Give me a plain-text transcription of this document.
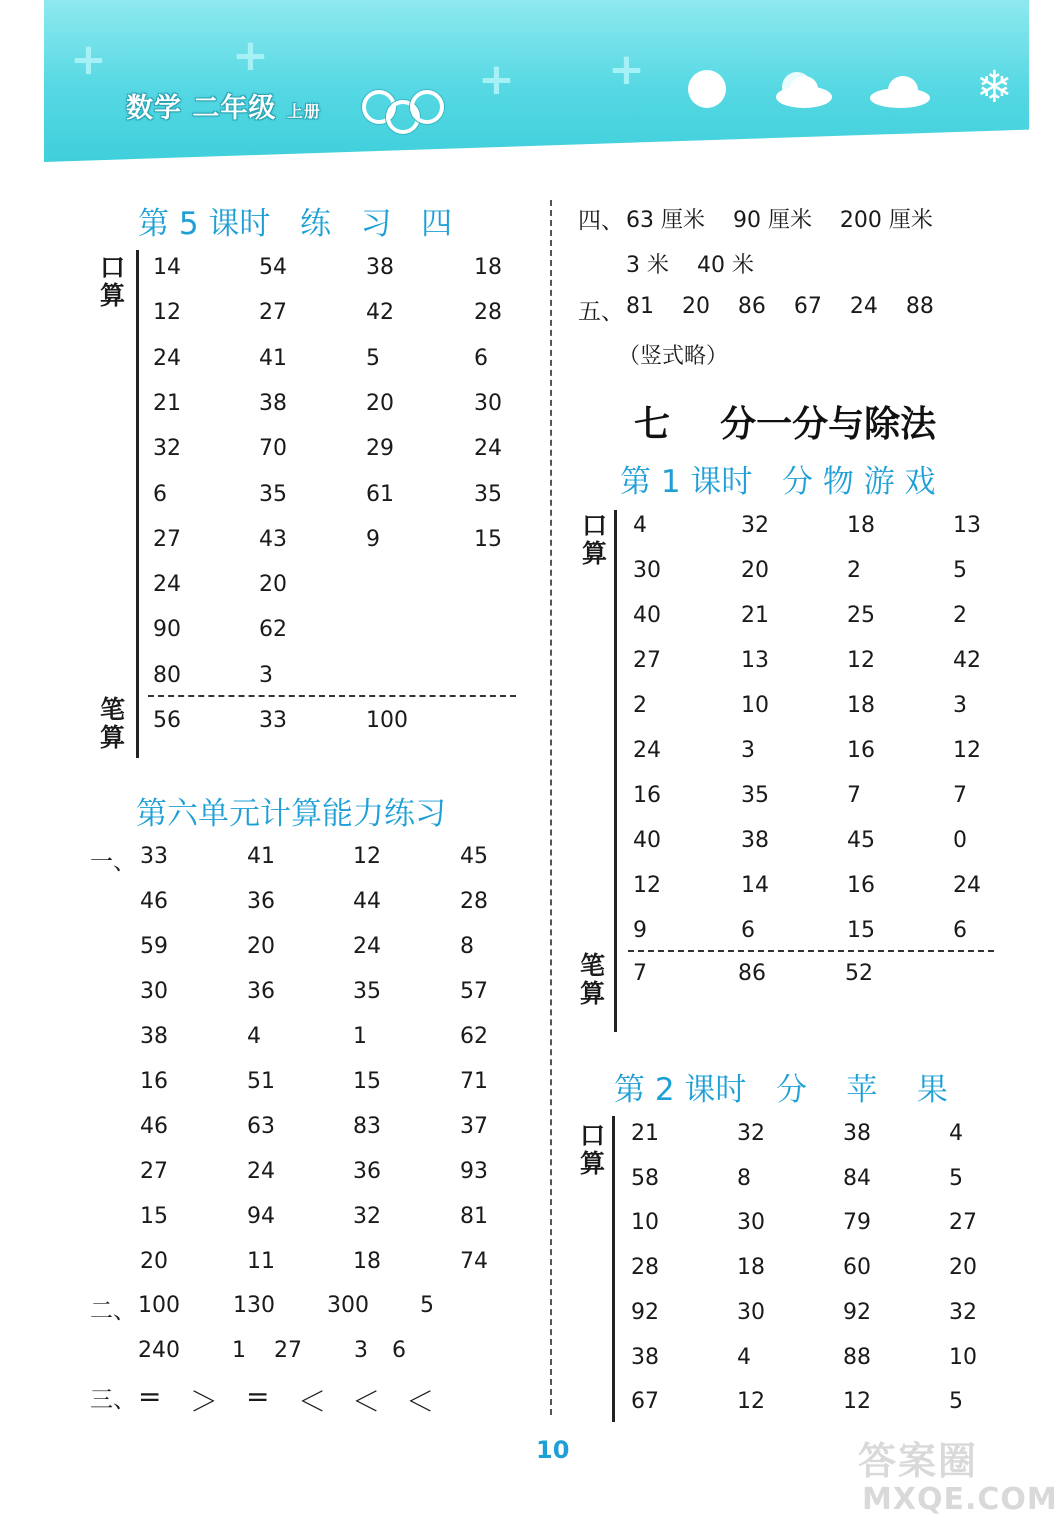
+	+	+ +
数学 二年级 上册	❄
第 5 课时   练   习   四
口算
笔算
14	54	38	18
12	27	42	28
24	41	5	6
21	38	20	30
32	70	29	24
6	35	61	35
27	43	9	15
24	20
90	62
80	3
56	33	100
第六单元计算能力练习
一、 33	41	12	45
46	36	44	28
59	20	24	8
30	36	35	57
38	4	1	62
16	51	15	71
46	63	83	37
27	24	36	93
15	94	32	81
20	11	18	74
二、 100 130 300 5
240 1 27 3 6
三、 = ＞ = ＜ ＜ ＜
四、 63 厘米    90 厘米    200 厘米
3 米    40 米
五、 81    20    86    67    24    88
（竖式略）
七    分一分与除法
第 1 课时   分 物 游 戏
口算
笔算
4	32	18	13
30	20	2	5
40	21	25	2
27	13	12	42
2	10	18	3
24	3	16	12
16	35	7	7
40	38	45	0
12	14	16	24
9	6	15	6
7	86	52
第 2 课时   分    苹    果
口算
21	32	38	4
58	8	84	5
10	30	79	27
28	18	60	20
92	30	92	32
38	4	88	10
67	12	12	5
10	答案圈
MXQE.COM
